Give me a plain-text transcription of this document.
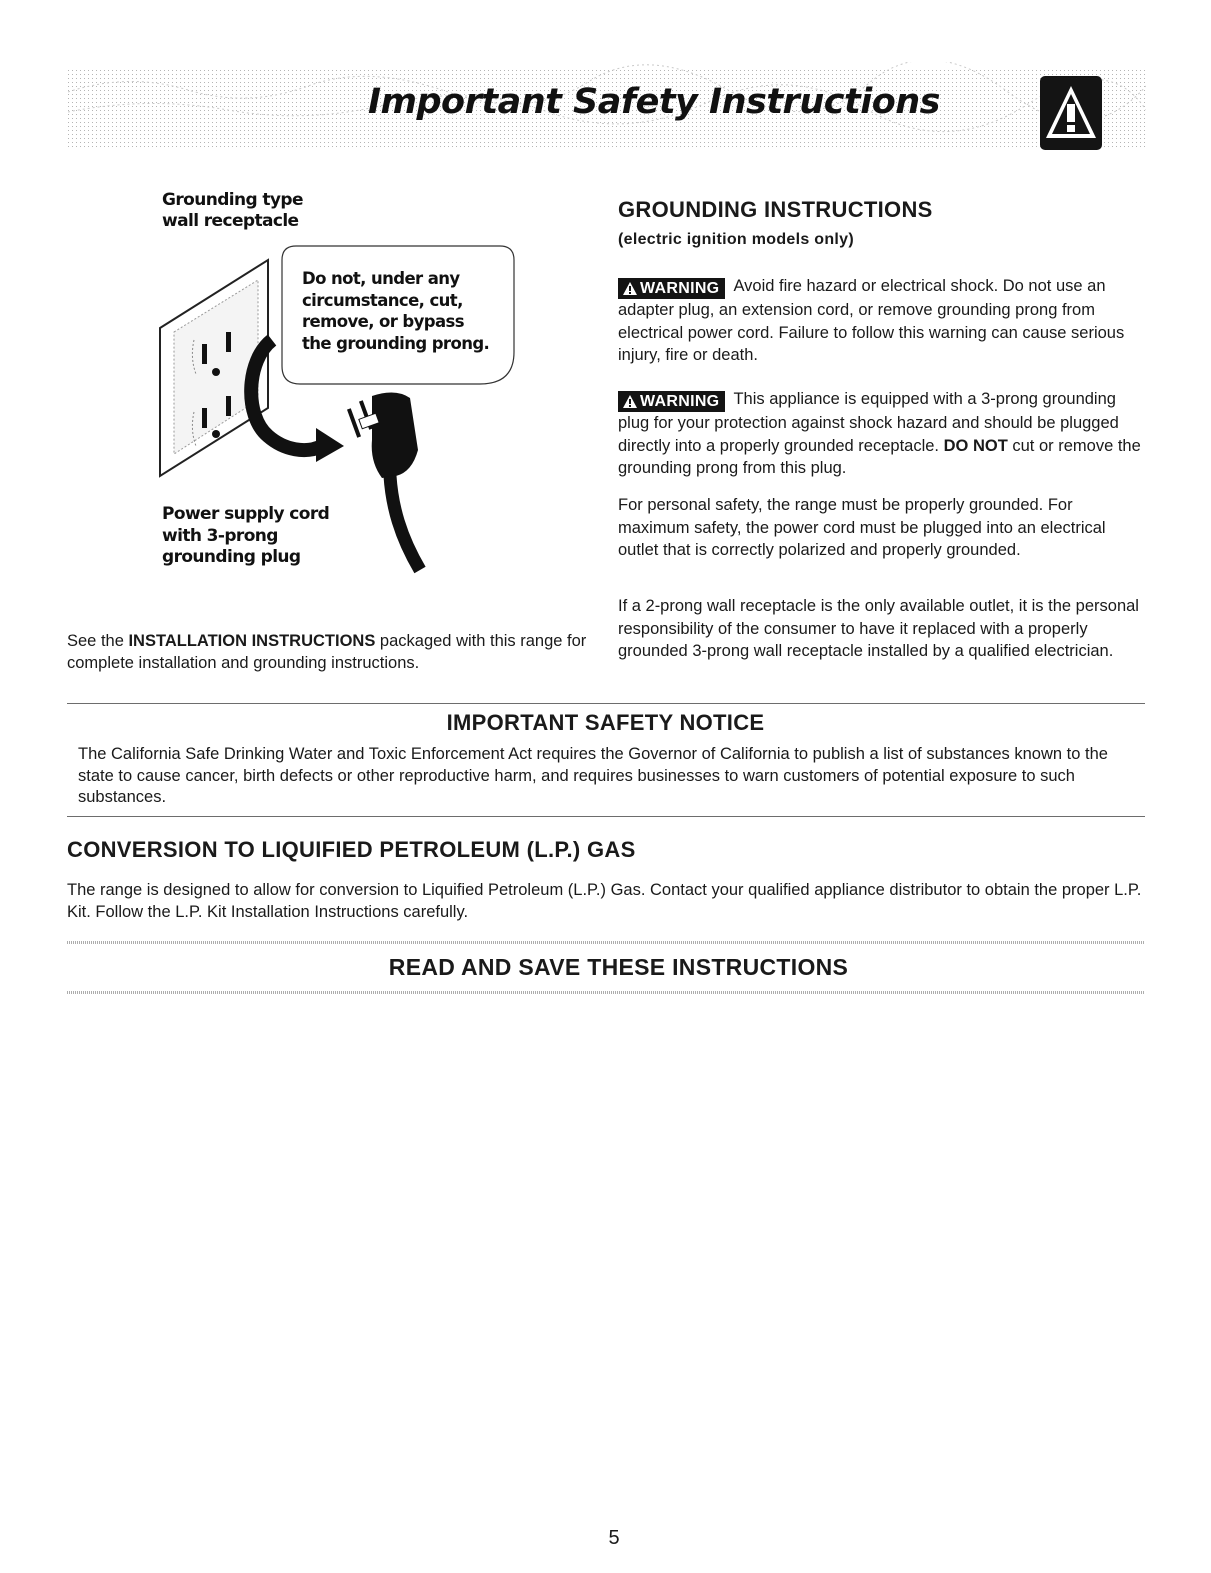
Important Safety Instructions
Grounding type
wall receptacle
Do not, under any
circumstance, cut,
remove, or bypass
the grounding prong.
Power supply cord
with 3-prong
grounding plug
See the INSTALLATION INSTRUCTIONS packaged with this range for complete installation and grounding instructions.
GROUNDING INSTRUCTIONS
(electric ignition models only)
WARNING Avoid fire hazard or electrical shock. Do not use an adapter plug, an extension cord, or remove grounding prong from electrical power cord. Failure to follow this warning can cause serious injury, fire or death.
WARNING This appliance is equipped with a 3-prong grounding plug for your protection against shock hazard and should be plugged directly into a properly grounded receptacle. DO NOT cut or remove the grounding prong from this plug.
For personal safety, the range must be properly grounded. For maximum safety, the power cord must be plugged into an electrical outlet that is correctly polarized and properly grounded.
If a 2-prong wall receptacle is the only available outlet, it is the personal responsibility of the consumer to have it replaced with a properly grounded 3-prong wall receptacle installed by a qualified electrician.
IMPORTANT SAFETY NOTICE
The California Safe Drinking Water and Toxic Enforcement Act requires the Governor of California to publish a list of substances known to the state to cause cancer, birth defects or other reproductive harm, and requires businesses to warn customers of potential exposure to such substances.
CONVERSION TO LIQUIFIED PETROLEUM (L.P.) GAS
The range is designed to allow for conversion to Liquified Petroleum (L.P.) Gas. Contact your qualified appliance distributor to obtain the proper L.P. Kit. Follow the L.P. Kit Installation Instructions carefully.
READ AND SAVE THESE INSTRUCTIONS
5
